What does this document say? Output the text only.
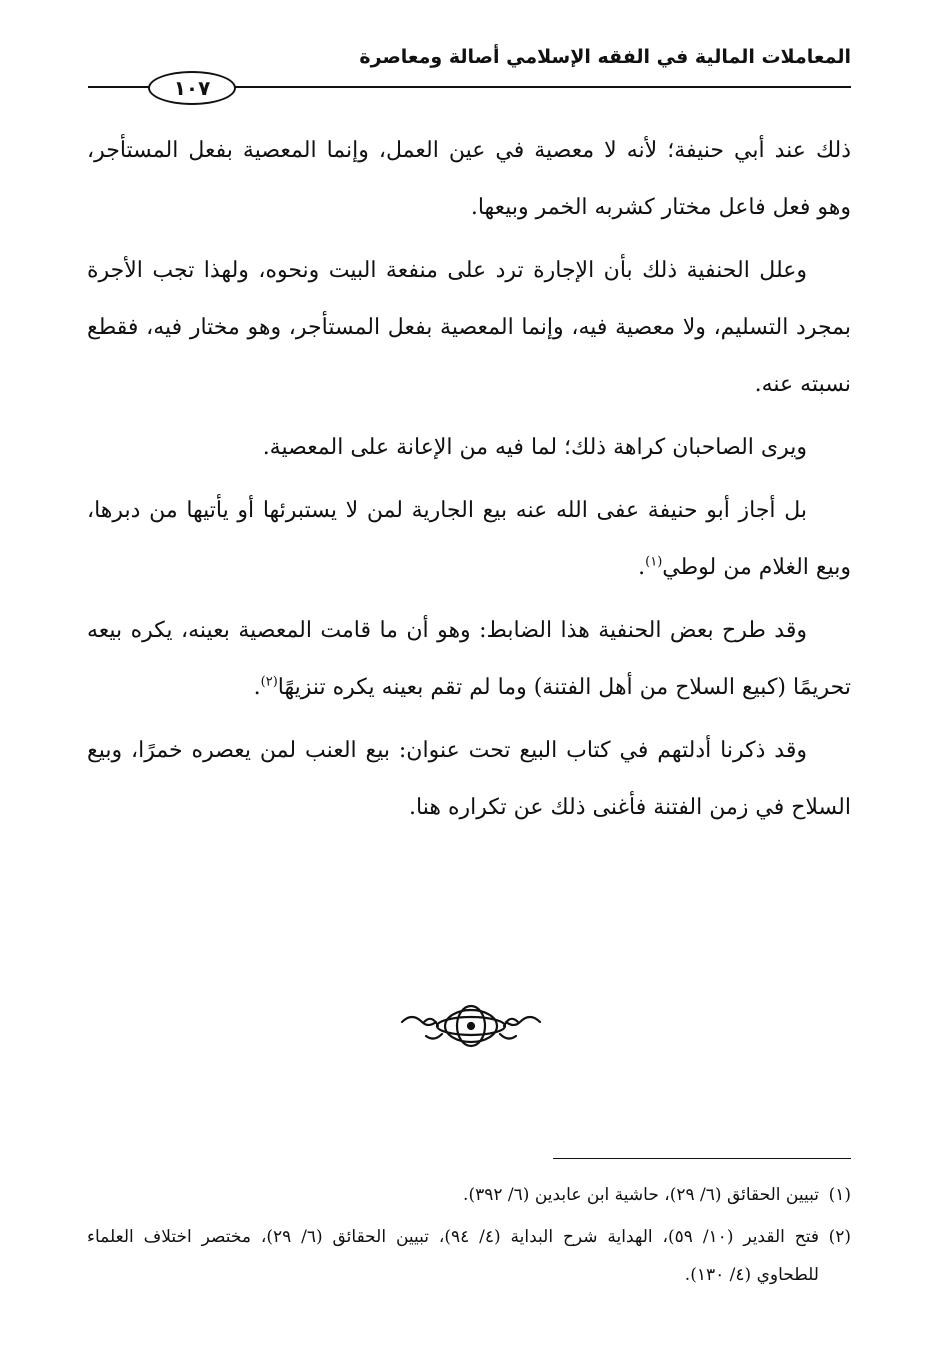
المعاملات المالية في الفقه الإسلامي أصالة ومعاصرة
١٠٧

ذلك عند أبي حنيفة؛ لأنه لا معصية في عين العمل، وإنما المعصية بفعل المستأجر، وهو فعل فاعل مختار كشربه الخمر وبيعها.

وعلل الحنفية ذلك بأن الإجارة ترد على منفعة البيت ونحوه، ولهذا تجب الأجرة بمجرد التسليم، ولا معصية فيه، وإنما المعصية بفعل المستأجر، وهو مختار فيه، فقطع نسبته عنه.

ويرى الصاحبان كراهة ذلك؛ لما فيه من الإعانة على المعصية.

بل أجاز أبو حنيفة عفى الله عنه بيع الجارية لمن لا يستبرئها أو يأتيها من دبرها، وبيع الغلام من لوطي$^{(١)}$.

وقد طرح بعض الحنفية هذا الضابط: وهو أن ما قامت المعصية بعينه، يكره بيعه تحريمًا (كبيع السلاح من أهل الفتنة) وما لم تقم بعينه يكره تنزيهًا$^{(٢)}$.

وقد ذكرنا أدلتهم في كتاب البيع تحت عنوان: بيع العنب لمن يعصره خمرًا، وبيع السلاح في زمن الفتنة فأغنى ذلك عن تكراره هنا.

(١)
تبيين الحقائق (٦/ ٢٩)، حاشية ابن عابدين (٦/ ٣٩٢).
(٢)
فتح القدير (١٠/ ٥٩)، الهداية شرح البداية (٤/ ٩٤)، تبيين الحقائق (٦/ ٢٩)، مختصر اختلاف العلماء للطحاوي (٤/ ١٣٠).
